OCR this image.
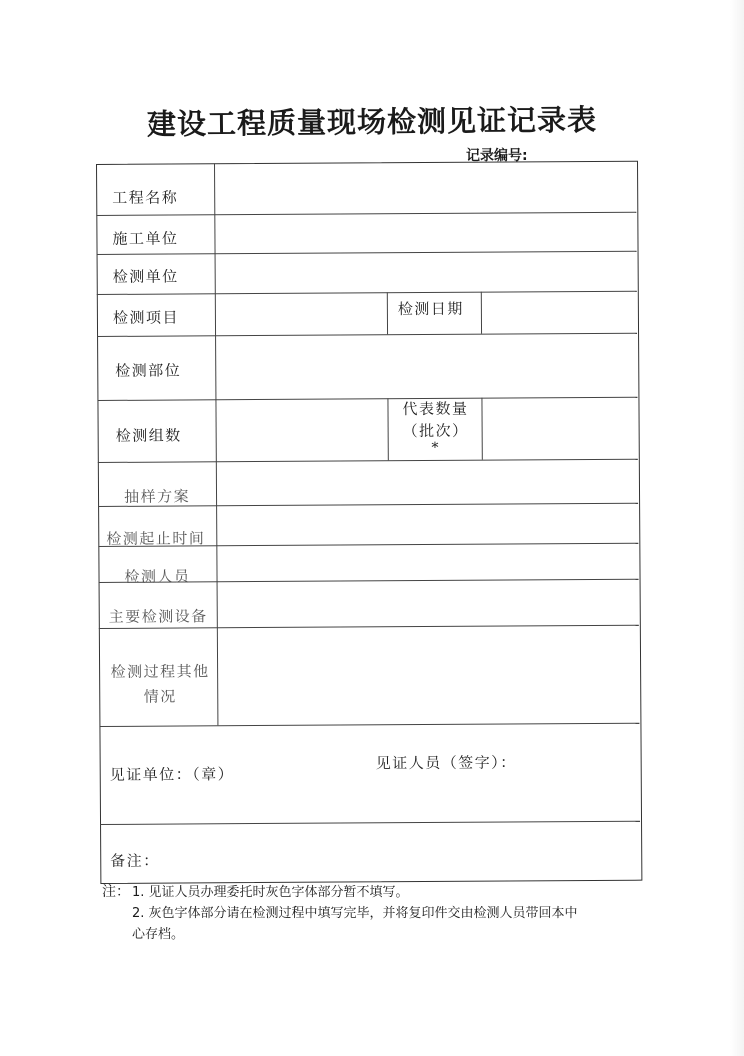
建设工程质量现场检测见证记录表
记录编号:
工程名称
施工单位
检测单位
检测项目	检测日期
检测部位
检测组数
代表数量
（批次）
*
抽样方案
检测起止时间
检测人员
主要检测设备
检测过程其他
情况
见证单位：（章）
见证人员（签字）：
备注：
注： 1. 见证人员办理委托时灰色字体部分暂不填写。
2. 灰色字体部分请在检测过程中填写完毕，并将复印件交由检测人员带回本中
心存档。
